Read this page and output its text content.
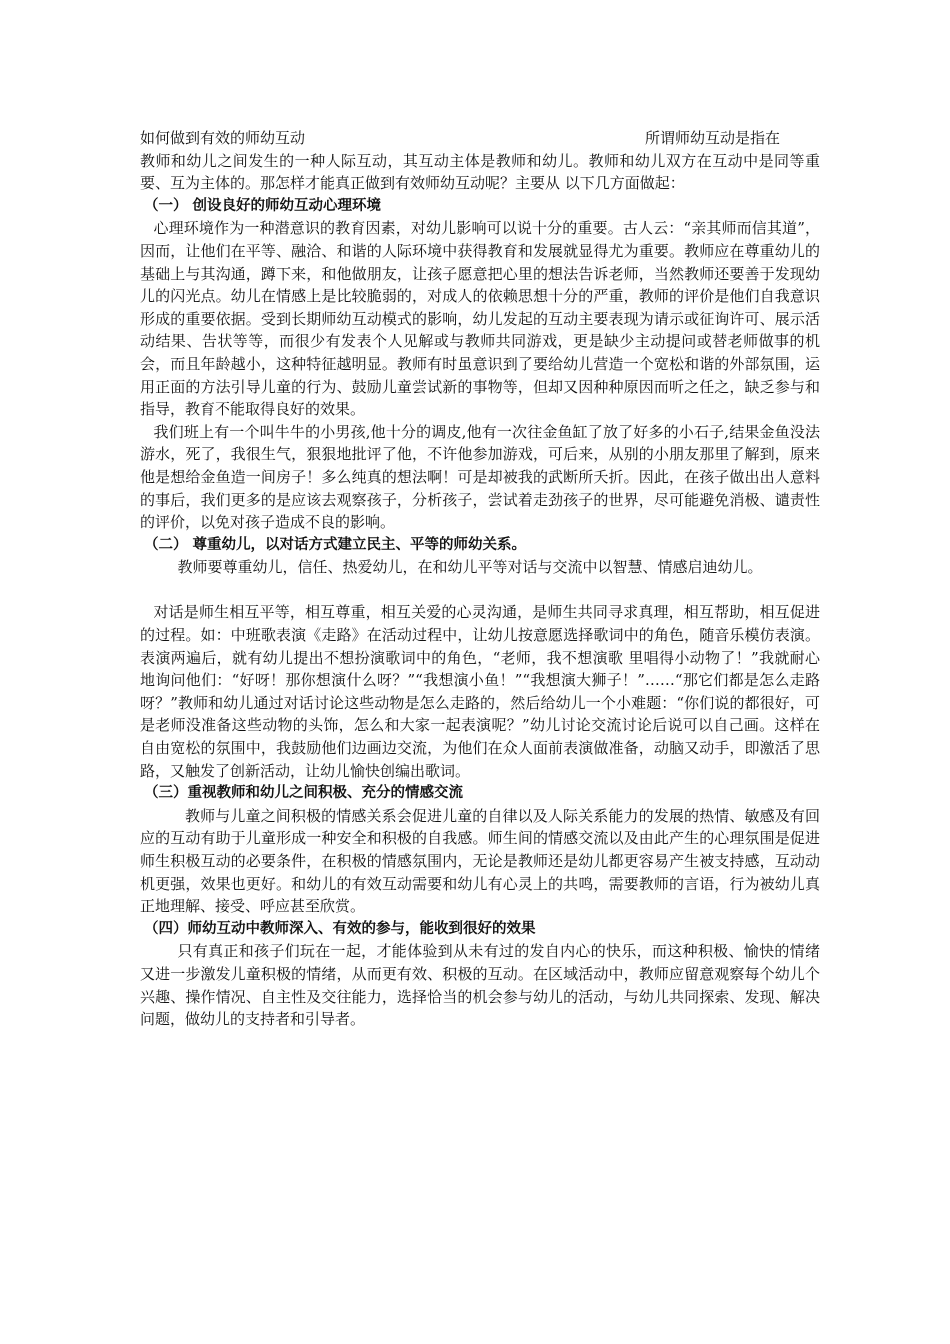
如何做到有效的师幼互动	所谓师幼互动是指在

教师和幼儿之间发生的一种人际互动，其互动主体是教师和幼儿。教师和幼儿双方在互动中是同等重要、互为主体的。那怎样才能真正做到有效师幼互动呢？主要从 以下几方面做起：

（一） 创设良好的师幼互动心理环境

心理环境作为一种潜意识的教育因素，对幼儿影响可以说十分的重要。古人云：“亲其师而信其道”，因而，让他们在平等、融洽、和谐的人际环境中获得教育和发展就显得尤为重要。教师应在尊重幼儿的基础上与其沟通，蹲下来，和他做朋友，让孩子愿意把心里的想法告诉老师，当然教师还要善于发现幼儿的闪光点。幼儿在情感上是比较脆弱的，对成人的依赖思想十分的严重，教师的评价是他们自我意识形成的重要依据。受到长期师幼互动模式的影响，幼儿发起的互动主要表现为请示或征询许可、展示活动结果、告状等等，而很少有发表个人见解或与教师共同游戏，更是缺少主动提问或替老师做事的机会，而且年龄越小，这种特征越明显。教师有时虽意识到了要给幼儿营造一个宽松和谐的外部氛围，运用正面的方法引导儿童的行为、鼓励儿童尝试新的事物等，但却又因种种原因而听之任之，缺乏参与和指导，教育不能取得良好的效果。

我们班上有一个叫牛牛的小男孩,他十分的调皮,他有一次往金鱼缸了放了好多的小石子,结果金鱼没法游水，死了，我很生气，狠狠地批评了他，不许他参加游戏，可后来，从别的小朋友那里了解到，原来他是想给金鱼造一间房子！多么纯真的想法啊！可是却被我的武断所夭折。因此，在孩子做出出人意料的事后，我们更多的是应该去观察孩子，分析孩子，尝试着走劲孩子的世界，尽可能避免消极、谴责性的评价，以免对孩子造成不良的影响。

（二） 尊重幼儿，以对话方式建立民主、平等的师幼关系。

教师要尊重幼儿，信任、热爱幼儿，在和幼儿平等对话与交流中以智慧、情感启迪幼儿。

对话是师生相互平等，相互尊重，相互关爱的心灵沟通，是师生共同寻求真理，相互帮助，相互促进的过程。如：中班歌表演《走路》在活动过程中，让幼儿按意愿选择歌词中的角色，随音乐模仿表演。表演两遍后，就有幼儿提出不想扮演歌词中的角色，“老师，我不想演歌 里唱得小动物了！”我就耐心地询问他们：“好呀！那你想演什么呀？”“我想演小鱼！”“我想演大狮子！”……“那它们都是怎么走路呀？”教师和幼儿通过对话讨论这些动物是怎么走路的，然后给幼儿一个小难题：“你们说的都很好，可是老师没准备这些动物的头饰，怎么和大家一起表演呢？”幼儿讨论交流讨论后说可以自己画。这样在自由宽松的氛围中，我鼓励他们边画边交流，为他们在众人面前表演做准备，动脑又动手，即激活了思路，又触发了创新活动，让幼儿愉快创编出歌词。

（三）重视教师和幼儿之间积极、充分的情感交流

教师与儿童之间积极的情感关系会促进儿童的自律以及人际关系能力的发展的热情、敏感及有回应的互动有助于儿童形成一种安全和积极的自我感。师生间的情感交流以及由此产生的心理氛围是促进师生积极互动的必要条件，在积极的情感氛围内，无论是教师还是幼儿都更容易产生被支持感，互动动机更强，效果也更好。和幼儿的有效互动需要和幼儿有心灵上的共鸣，需要教师的言语，行为被幼儿真正地理解、接受、呼应甚至欣赏。

（四）师幼互动中教师深入、有效的参与，能收到很好的效果

只有真正和孩子们玩在一起，才能体验到从未有过的发自内心的快乐，而这种积极、愉快的情绪又进一步激发儿童积极的情绪，从而更有效、积极的互动。在区域活动中，教师应留意观察每个幼儿个兴趣、操作情况、自主性及交往能力，选择恰当的机会参与幼儿的活动，与幼儿共同探索、发现、解决问题，做幼儿的支持者和引导者。
